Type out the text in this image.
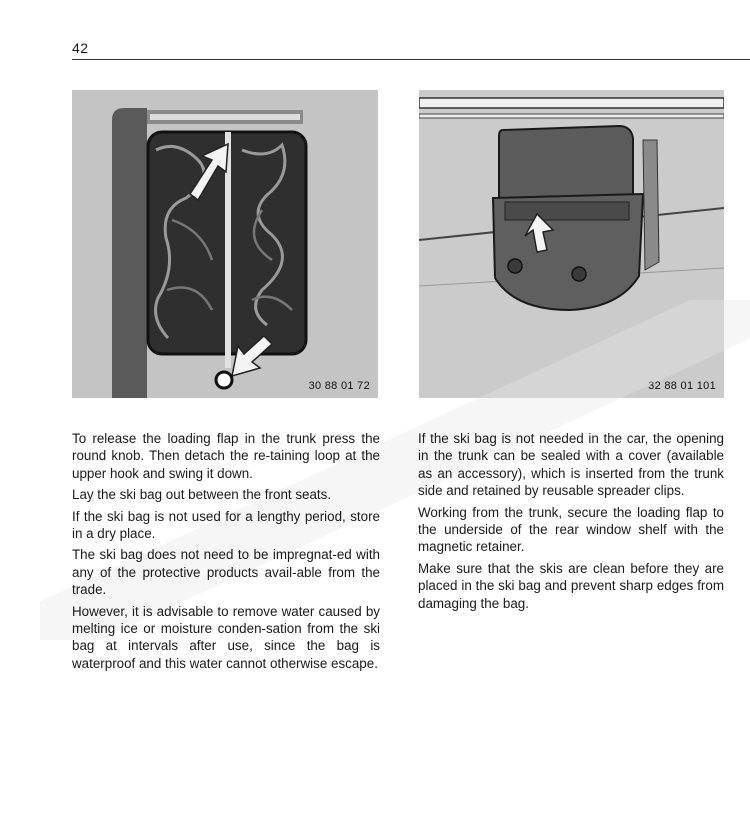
42
30 88 01 72	32 88 01 101

To release the loading flap in the trunk press the round knob. Then detach the re-taining loop at the upper hook and swing it down.

Lay the ski bag out between the front seats.

If the ski bag is not used for a lengthy period, store in a dry place.

The ski bag does not need to be impregnat-ed with any of the protective products avail-able from the trade.

However, it is advisable to remove water caused by melting ice or moisture conden-sation from the ski bag at intervals after use, since the bag is waterproof and this water cannot otherwise escape.

If the ski bag is not needed in the car, the opening in the trunk can be sealed with a cover (available as an accessory), which is inserted from the trunk side and retained by reusable spreader clips.

Working from the trunk, secure the loading flap to the underside of the rear window shelf with the magnetic retainer.

Make sure that the skis are clean before they are placed in the ski bag and prevent sharp edges from damaging the bag.
